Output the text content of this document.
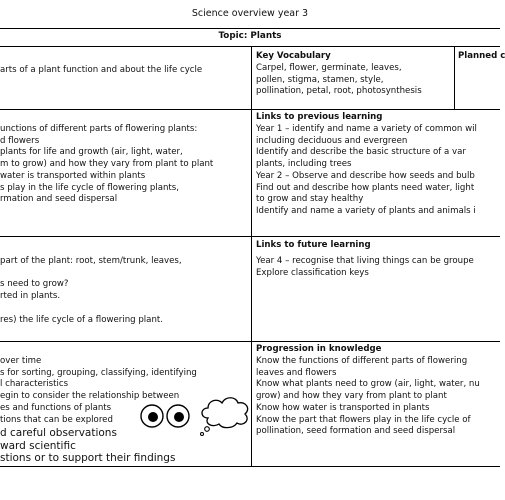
Science overview year 3
Topic: Plants
arts of a plant function and about the life cycle
unctions of different parts of flowering plants:
d flowers
plants for life and growth (air, light, water,
m to grow) and how they vary from plant to plant
water is transported within plants
s play in the life cycle of flowering plants,
rmation and seed dispersal
part of the plant: root, stem/trunk, leaves,

s need to grow?
rted in plants.

res) the life cycle of a flowering plant.
over time
s for sorting, grouping, classifying, identifying
l characteristics
egin to consider the relationship between
es and functions of plants
tions that can be explored
d careful observations
ward scientific
stions or to support their findings
Key Vocabulary	Planned c
Carpel, flower, germinate, leaves,
pollen, stigma, stamen, style,
pollination, petal, root, photosynthesis
Links to previous learning
Year 1 – identify and name a variety of common wil
including deciduous and evergreen
Identify and describe the basic structure of a var
plants, including trees
Year 2 – Observe and describe how seeds and bulb
Find out and describe how plants need water, light
to grow and stay healthy
Identify and name a variety of plants and animals i
Links to future learning
Year 4 – recognise that living things can be groupe
Explore classification keys
Progression in knowledge
Know the functions of different parts of flowering
leaves and flowers
Know what plants need to grow (air, light, water, nu
grow) and how they vary from plant to plant
Know how water is transported in plants
Know the part that flowers play in the life cycle of
pollination, seed formation and seed dispersal
